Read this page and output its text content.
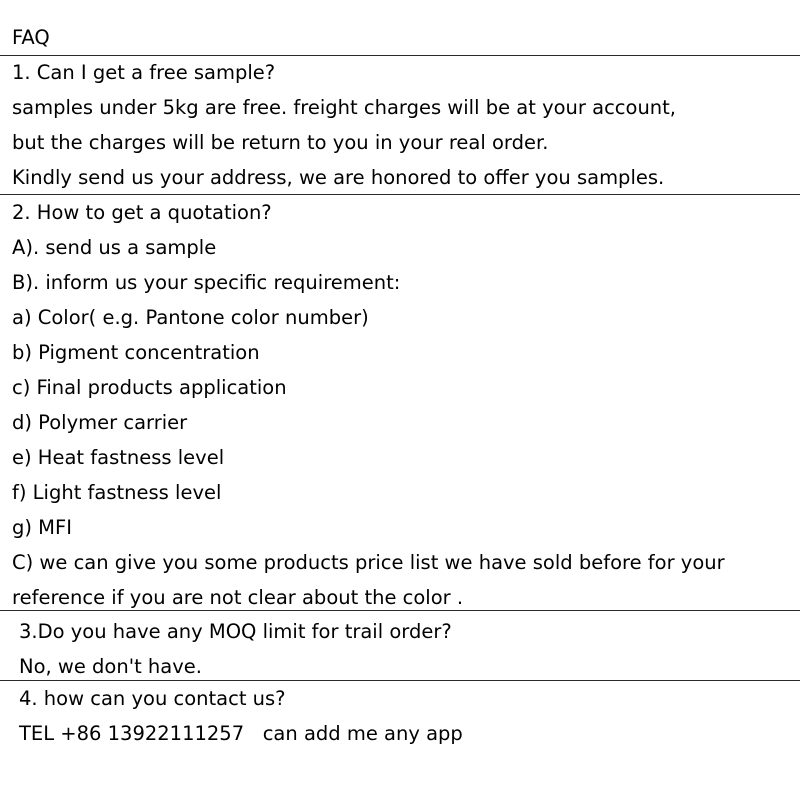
FAQ
1. Can I get a free sample?
samples under 5kg are free. freight charges will be at your account,
but the charges will be return to you in your real order.
Kindly send us your address, we are honored to offer you samples.
2. How to get a quotation?
A). send us a sample
B). inform us your specific requirement:
a) Color( e.g. Pantone color number)
b) Pigment concentration
c) Final products application
d) Polymer carrier
e) Heat fastness level
f) Light fastness level
g) MFI
C) we can give you some products price list we have sold before for your
reference if you are not clear about the color .
3.Do you have any MOQ limit for trail order?
No, we don't have.
4. how can you contact us?
TEL +86 13922111257   can add me any app
